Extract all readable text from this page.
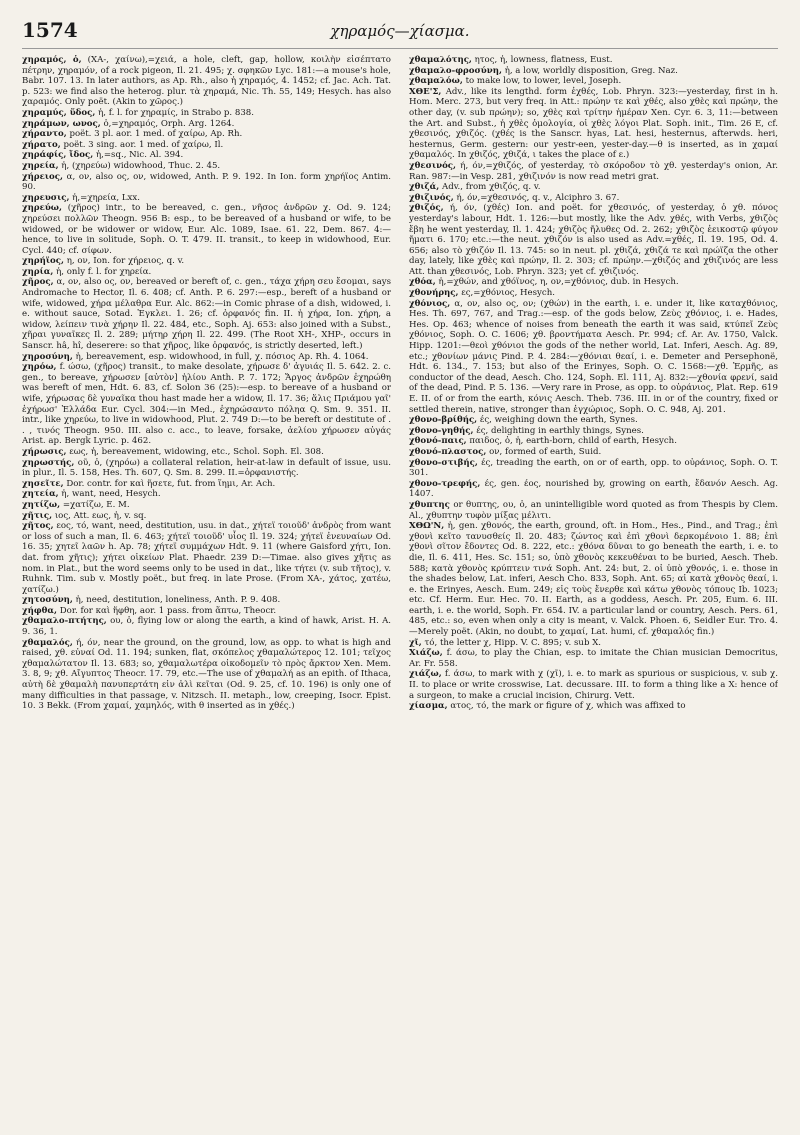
1574	χηραμός—χίασμα.

χηραμός, ὁ, (ΧΑ-, χαίνω),=χειά, a hole, cleft, gap, hollow, κοιλὴν εἰσέπτατο πέτρην, χηραμόν, of a rock pigeon, Il. 21. 495; χ. σφηκῶν Lyc. 181:—a mouse's hole, Babr. 107. 13. In later authors, as Ap. Rh., also ἡ χηραμός, 4. 1452; cf. Jac. Ach. Tat. p. 523: we find also the heterog. plur. τὰ χηραμά, Nic. Th. 55, 149; Hesych. has also χαραμός. Only poët. (Akin to χῶρος.)

χηραμύς, ὕδος, ἡ, f. l. for χηραμίς, in Strabo p. 838.

χηράμων, ωνος, ὁ,=χηραμός, Orph. Arg. 1264.

χήραντο, poët. 3 pl. aor. 1 med. of χαίρω, Ap. Rh.

χήρατο, poët. 3 sing. aor. 1 med. of χαίρω, Il.

χηράφίς, ἴδος, ἡ,=sq., Nic. Al. 394.

χηρεία, ἡ, (χηρεύω) widowhood, Thuc. 2. 45.

χήρειος, α, ον, also ος, ον, widowed, Anth. P. 9. 192. In Ion. form χηρήϊος Antim. 90.

χηρευσις, ἡ,=χηρεία, Lxx.

χηρεύω, (χῆρος) intr., to be bereaved, c. gen., νῆσος ἀνδρῶν χ. Od. 9. 124; χηρεύσει πολλῶν Theogn. 956 B: esp., to be bereaved of a husband or wife, to be widowed, or be widower or widow, Eur. Alc. 1089, Isae. 61. 22, Dem. 867. 4:—hence, to live in solitude, Soph. O. T. 479. II. transit., to keep in widowhood, Eur. Cycl. 440; cf. σίφων.

χηρήϊος, η, ον, Ion. for χήρειος, q. v.

χηρία, ἡ, only f. l. for χηρεία.

χῆρος, α, ον, also ος, ον, bereaved or bereft of, c. gen., τάχα χήρη σευ ἔσομαι, says Andromache to Hector, Il. 6. 408; cf. Anth. P. 6. 297:—esp., bereft of a husband or wife, widowed, χήρα μέλαθρα Eur. Alc. 862:—in Comic phrase of a dish, widowed, i. e. without sauce, Sotad. Ἐγκλει. 1. 26; cf. ὀρφανός fin. II. ἡ χήρα, Ion. χήρη, a widow, λείπειν τινὰ χήρην Il. 22. 484, etc., Soph. Aj. 653: also joined with a Subst., χῆραι γυναῖκες Il. 2. 289; μήτηρ χήρη Il. 22. 499. (The Root XH-, XHP-, occurs in Sanscr. hâ, hî, deserere: so that χῆρος, like ὀρφανός, is strictly deserted, left.)

χηροσύνη, ἡ, bereavement, esp. widowhood, in full, χ. πόσιος Ap. Rh. 4. 1064.

χηρόω, f. ώσω, (χῆρος) transit., to make desolate, χήρωσε δ' ἀγυιάς Il. 5. 642. 2. c. gen., to bereave, χήρωσεν [αὐτὸν] ἡλίου Anth. P. 7. 172; Ἄργος ἀνδρῶν ἐχηρώθη was bereft of men, Hdt. 6. 83, cf. Solon 36 (25):—esp. to bereave of a husband or wife, χήρωσας δὲ γυναῖκα thou hast made her a widow, Il. 17. 36; ἅλις Πριάμου γαῖ' ἐχήρωσ' Ἑλλάδα Eur. Cycl. 304:—in Med., ἐχηρώσαντο πόληα Q. Sm. 9. 351. II. intr., like χηρεύω, to live in widowhood, Plut. 2. 749 D:—to be bereft or destitute of . . , τινός Theogn. 950. III. also c. acc., to leave, forsake, ἁελίου χήρωσεν αὐγάς Arist. ap. Bergk Lyric. p. 462.

χήρωσις, εως, ἡ, bereavement, widowing, etc., Schol. Soph. El. 308.

χηρωστής, οῦ, ὁ, (χηρόω) a collateral relation, heir-at-law in default of issue, usu. in plur., Il. 5. 158, Hes. Th. 607, Q. Sm. 8. 299. II.=ὀρφανιστής.

χησεῖτε, Dor. contr. for καὶ ἥσετε, fut. from ἵημι, Ar. Ach.

χητεία, ἡ, want, need, Hesych.

χητίζω, =χατίζω, E. M.

χῆτις, ιος, Att. εως, ἡ, v. sq.

χῆτος, εος, τό, want, need, destitution, usu. in dat., χήτεϊ τοιοῦδ' ἀνδρὸς from want or loss of such a man, Il. 6. 463; χήτεϊ τοιοῦδ' υἷος Il. 19. 324; χήτεϊ ἐνευναίων Od. 16. 35; χητεῖ λαῶν h. Ap. 78; χήτεϊ συμμάχων Hdt. 9. 11 (where Gaisford χήτι, Ion. dat. from χῆτις); χήτει οἰκείων Plat. Phaedr. 239 D:—Timae. also gives χῆτις as nom. in Plat., but the word seems only to be used in dat., like τήτει (v. sub τῆτος), v. Ruhnk. Tim. sub v. Mostly poët., but freq. in late Prose. (From XA-, χάτος, χατέω, χατίζω.)

χητοσύνη, ἡ, need, destitution, loneliness, Anth. P. 9. 408.

χήφθα, Dor. for καὶ ἥφθη, aor. 1 pass. from ἅπτω, Theocr.

χθαμαλο-πτήτης, ου, ὁ, flying low or along the earth, a kind of hawk, Arist. H. A. 9. 36, 1.

χθαμαλός, ή, όν, near the ground, on the ground, low, as opp. to what is high and raised, χθ. εὐναί Od. 11. 194; sunken, flat, σκόπελος χθαμαλώτερος 12. 101; τεῖχος χθαμαλώτατον Il. 13. 683; so, χθαμαλωτέρα οἰκοδομεῖν τὸ πρὸς ἄρκτον Xen. Mem. 3. 8, 9; χθ. Αἴγυπτος Theocr. 17. 79, etc.—The use of χθαμαλή as an epith. of Ithaca, αὐτὴ δὲ χθαμαλὴ πανυπερτάτη εἰν ἁλὶ κεῖται (Od. 9. 25, cf. 10. 196) is only one of many difficulties in that passage, v. Nitzsch. II. metaph., low, creeping, Isocr. Epist. 10. 3 Bekk. (From χαμαί, χαμηλός, with θ inserted as in χθές.)

χθαμαλότης, ητος, ἡ, lowness, flatness, Eust.

χθαμαλο-φροσύνη, ἡ, a low, worldly disposition, Greg. Naz.

χθαμαλόω, to make low, to lower, level, Joseph.

ΧΘΕ'Σ, Adv., like its lengthd. form ἐχθές, Lob. Phryn. 323:—yesterday, first in h. Hom. Merc. 273, but very freq. in Att.: πρώην τε καὶ χθές, also χθὲς καὶ πρώην, the other day, (v. sub πρώην); so, χθὲς καὶ τρίτην ἡμέραν Xen. Cyr. 6. 3, 11:—between the Art. and Subst., ἡ χθὲς ὁμολογία, οἱ χθὲς λόγοι Plat. Soph. init., Tim. 26 E, cf. χθεσινός, χθιζός. (χθές is the Sanscr. hyas, Lat. hesi, hesternus, afterwds. heri, hesternus, Germ. gestern: our yestr-een, yester-day.—θ is inserted, as in χαμαί χθαμαλός. In χθιζός, χθιζά, ι takes the place of ε.)

χθεσινός, ή, όν,=χθιζός, of yesterday, τὸ σκόροδον τὸ χθ. yesterday's onion, Ar. Ran. 987:—in Vesp. 281, χθιζινόν is now read metri grat.

χθιζά, Adv., from χθιζός, q. v.

χθιζινός, ή, όν,=χθεσινός, q. v., Alciphro 3. 67.

χθιζός, ή, όν, (χθές) Ion. and poët. for χθεσινός, of yesterday, ὁ χθ. πόνος yesterday's labour, Hdt. 1. 126:—but mostly, like the Adv. χθές, with Verbs, χθιζὸς ἔβη he went yesterday, Il. 1. 424; χθιζὸς ἤλυθες Od. 2. 262; χθιζὸς ἐεικοστῷ φύγον ἤματι 6. 170; etc.:—the neut. χθιζόν is also used as Adv.=χθές, Il. 19. 195, Od. 4. 656; also τὸ χθιζόν Il. 13. 745: so in neut. pl. χθιζά, χθιζά τε καὶ πρώϊζα the other day, lately, like χθὲς καὶ πρώην, Il. 2. 303; cf. πρώην.—χθιζός and χθιζινός are less Att. than χθεσινός, Lob. Phryn. 323; yet cf. χθιζινός.

χθόα, ἡ,=χθών, and χθόϊνος, η, ον,=χθόνιος, dub. in Hesych.

χθονήρης, ες,=χθόνιος, Hesych.

χθόνιος, α, ον, also ος, ον; (χθών) in the earth, i. e. under it, like καταχθόνιος, Hes. Th. 697, 767, and Trag.:—esp. of the gods below, Ζεὺς χθόνιος, i. e. Hades, Hes. Op. 463; whence of noises from beneath the earth it was said, κτύπεῖ Ζεὺς χθόνιος, Soph. O. C. 1606; χθ. βροντήματα Aesch. Pr. 994; cf. Ar. Av. 1750, Valck. Hipp. 1201:—θεοὶ χθόνιοι the gods of the nether world, Lat. Inferi, Aesch. Ag. 89, etc.; χθονίων μάνις Pind. P. 4. 284:—χθόνιαι θεαί, i. e. Demeter and Persephonë, Hdt. 6. 134., 7. 153; but also of the Erinyes, Soph. O. C. 1568:—χθ. Ἑρμῆς, as conductor of the dead, Aesch. Cho. 124, Soph. El. 111, Aj. 832:—χθονία φρενί, said of the dead, Pind. P. 5. 136. —Very rare in Prose, as opp. to οὐράνιος, Plat. Rep. 619 E. II. of or from the earth, κόνις Aesch. Theb. 736. III. in or of the country, fixed or settled therein, native, stronger than ἐγχώριος, Soph. O. C. 948, Aj. 201.

χθονο-βρίθής, ές, weighing down the earth, Synes.

χθονο-γηθής, ές, delighting in earthly things, Synes.

χθονό-παις, παιδος, ὁ, ἡ, earth-born, child of earth, Hesych.

χθονό-πλαστος, ον, formed of earth, Suid.

χθονο-στιβής, ές, treading the earth, on or of earth, opp. to οὐράνιος, Soph. O. T. 301.

χθονο-τρεφής, ές, gen. έος, nourished by, growing on earth, ἔδανόν Aesch. Ag. 1407.

χθυπτης or θυπτης, ου, ὁ, an unintelligible word quoted as from Thespis by Clem. Al., χθυπτην τυφὸν μίξας μέλιτι.

ΧΘΩ'Ν, ἡ, gen. χθονός, the earth, ground, oft. in Hom., Hes., Pind., and Trag.; ἐπὶ χθονὶ κεῖτο τανυσθείς Il. 20. 483; ζώντος καὶ ἐπὶ χθονὶ δερκομένοιο 1. 88; ἐπὶ χθονὶ σῖτον ἔδοντες Od. 8. 222, etc.: χθόνα δῦναι to go beneath the earth, i. e. to die, Il. 6. 411, Hes. Sc. 151; so, ὑπὸ χθονὸς κεκευθέναι to be buried, Aesch. Theb. 588; κατὰ χθονὸς κρύπτειν τινά Soph. Ant. 24: but, 2. οἱ ὑπὸ χθονός, i. e. those in the shades below, Lat. inferi, Aesch Cho. 833, Soph. Ant. 65; αἱ κατὰ χθονὸς θεαί, i. e. the Erinyes, Aesch. Eum. 249; εἰς τοὺς ἔνερθε καὶ κάτω χθονὸς τόπους Ib. 1023; etc. Cf. Herm. Eur. Hec. 70. II. Earth, as a goddess, Aesch. Pr. 205, Eum. 6. III. earth, i. e. the world, Soph. Fr. 654. IV. a particular land or country, Aesch. Pers. 61, 485, etc.: so, even when only a city is meant, v. Valck. Phoen. 6, Seidler Eur. Tro. 4.—Merely poët. (Akin, no doubt, to χαμαί, Lat. humi, cf. χθαμαλός fin.)

χῖ, τό, the letter χ, Hipp. V. C. 895; v. sub X.

Χιάζω, f. άσω, to play the Chian, esp. to imitate the Chian musician Democritus, Ar. Fr. 558.

χιάζω, f. άσω, to mark with χ (χῖ), i. e. to mark as spurious or suspicious, v. sub χ. II. to place or write crosswise, Lat. decussare. III. to form a thing like a X: hence of a surgeon, to make a crucial incision, Chirurg. Vett.

χίασμα, ατος, τό, the mark or figure of χ, which was affixed to
